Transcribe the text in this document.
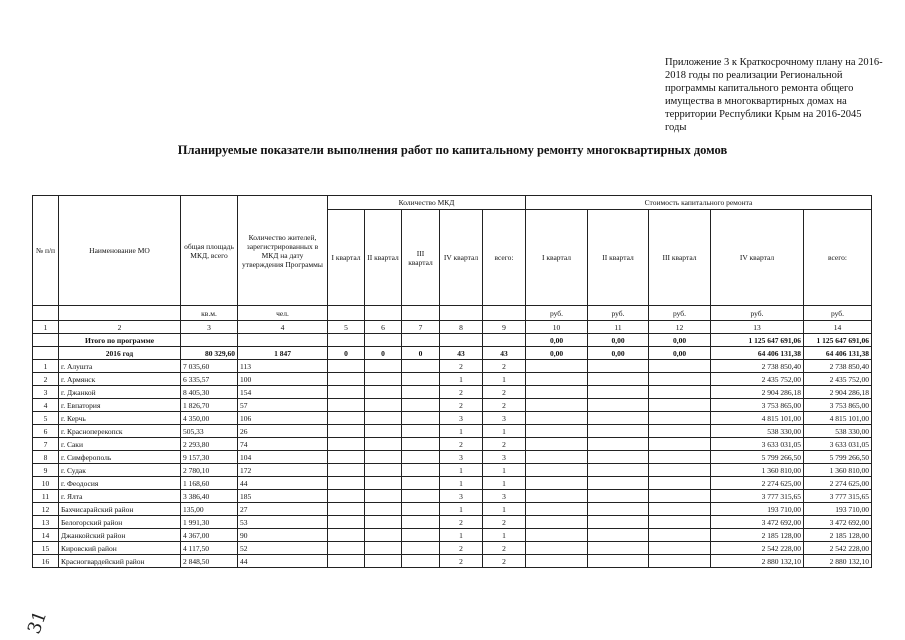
Приложение 3 к Краткосрочному плану на 2016-2018 годы по реализации Региональной программы капитального ремонта общего имущества в многоквартирных домах на территории Республики Крым на 2016-2045 годы
Планируемые показатели выполнения работ по капитальному ремонту многоквартирных домов
№ п/п	Наименование МО	общая площадь МКД, всего	Количество жителей, зарегистрированных в МКД на дату утверждения Программы	Количество МКД					Стоимость капитального ремонта				
				I квартал	II квартал	III квартал	IV квартал	всего:	I квартал	II квартал	III квартал	IV квартал	всего:
		кв.м.	чел.						руб.	руб.	руб.	руб.	руб.
1	2	3	4	5	6	7	8	9	10	11	12	13	14
	Итого по программе								0,00	0,00	0,00	1 125 647 691,06	1 125 647 691,06
	2016 год	80 329,60	1 847	0	0	0	43	43	0,00	0,00	0,00	64 406 131,38	64 406 131,38
1	г. Алушта	7 035,60	113				2	2				2 738 850,40	2 738 850,40
2	г. Армянск	6 335,57	100				1	1				2 435 752,00	2 435 752,00
3	г. Джанкой	8 405,30	154				2	2				2 904 286,18	2 904 286,18
4	г. Евпатория	1 826,70	57				2	2				3 753 865,00	3 753 865,00
5	г. Керчь	4 350,00	106				3	3				4 815 101,00	4 815 101,00
6	г. Красноперекопск	505,33	26				1	1				538 330,00	538 330,00
7	г. Саки	2 293,80	74				2	2				3 633 031,05	3 633 031,05
8	г. Симферополь	9 157,30	104				3	3				5 799 266,50	5 799 266,50
9	г. Судак	2 780,10	172				1	1				1 360 810,00	1 360 810,00
10	г. Феодосия	1 168,60	44				1	1				2 274 625,00	2 274 625,00
11	г. Ялта	3 386,40	185				3	3				3 777 315,65	3 777 315,65
12	Бахчисарайский район	135,00	27				1	1				193 710,00	193 710,00
13	Белогорский район	1 991,30	53				2	2				3 472 692,00	3 472 692,00
14	Джанкойский район	4 367,00	90				1	1				2 185 128,00	2 185 128,00
15	Кировский район	4 117,50	52				2	2				2 542 228,00	2 542 228,00
16	Красногвардейский район	2 848,50	44				2	2				2 880 132,10	2 880 132,10
31
